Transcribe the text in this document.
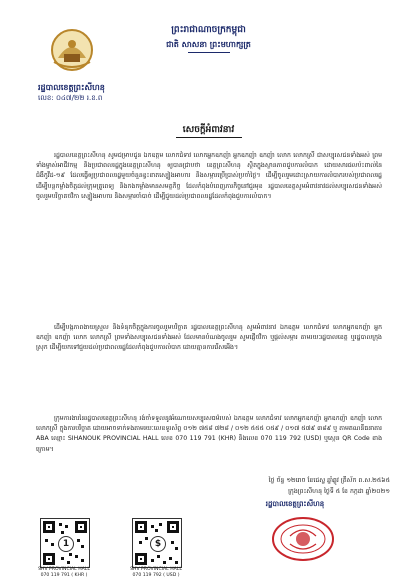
រដ្ឋបាលខេត្តព្រះសីហនុ
លេខ: ០៤៧/២២ រ.ខ.ព
ព្រះរាជាណាចក្រកម្ពុជា
ជាតិ សាសនា ព្រះមហាក្សត្រ
សេចក្តីអំពាវនាវ
រដ្ឋបាលខេត្តព្រះសីហនុ សូមជម្រាបជូន ឯកឧត្តម លោកជំទាវ លោកអ្នកឧកញ៉ា អ្នកឧកញ៉ា ឧកញ៉ា លោក លោកស្រី ជាសប្បុរសជនទាំងអស់ ព្រមទាំងម្ចាស់អាជីវកម្ម និងប្រជាពលរដ្ឋក្នុងខេត្តព្រះសីហនុ ឲ្យបានជ្រាបថា ខេត្តព្រះសីហនុ ស្ថិតក្នុងស្ថានភាពជួបការលំបាក ដោយសារផលប៉ះពាល់នៃជំងឺកូវីដ-១៩ ដែលធ្វើឲ្យប្រជាពលរដ្ឋមួយចំនួនខ្វះខាតស្បៀងអាហារ និងសម្ភារប្រើប្រាស់ប្រចាំថ្ងៃ។ ដើម្បីចូលរួមដោះស្រាយការលំបាករបស់ប្រជាពលរដ្ឋ ដើម្បីបន្តកម្លាំងចិត្តដល់ក្រុមគ្រូពេទ្យ និងកងកម្លាំងមានសមត្ថកិច្ច ដែលកំពុងបំពេញភារកិច្ចនៅជួរមុខ រដ្ឋបាលខេត្តសូមអំពាវនាវដល់សប្បុរសជនទាំងអស់ ចូលរួមបរិច្ចាគថវិកា ស្បៀងអាហារ និងសម្ភារចាំបាច់ ដើម្បីជួយដល់ប្រជាពលរដ្ឋដែលកំពុងជួបការលំបាក។
ដើម្បីបង្កភាពងាយស្រួល និងទំនុកចិត្តក្នុងការចូលរួមបរិច្ចាគ រដ្ឋបាលខេត្តព្រះសីហនុ សូមអំពាវនាវ ឯកឧត្តម លោកជំទាវ លោកអ្នកឧកញ៉ា អ្នកឧកញ៉ា ឧកញ៉ា លោក លោកស្រី ព្រមទាំងសប្បុរសជនទាំងអស់ ដែលមានបំណងចូលរួម សូមផ្ញើថវិកា ឬផ្តល់សម្ភារ តាមរយៈរដ្ឋបាលខេត្ត ឬរដ្ឋបាលក្រុង ស្រុក ដើម្បីយកទៅជួយដល់ប្រជាពលរដ្ឋដែលកំពុងជួបការលំបាក ដោយគ្មានការរើសអើង។
ក្រុមការងារនៃរដ្ឋបាលខេត្តព្រះសីហនុ រង់ចាំទទួលនូវអំណោយសប្បុរសធម៌របស់ ឯកឧត្តម លោកជំទាវ លោកអ្នកឧកញ៉ា អ្នកឧកញ៉ា ឧកញ៉ា លោក លោកស្រី ក្នុងការបរិច្ចាគ ដោយអាចទាក់ទងតាមរយៈលេខទូរស័ព្ទ ០១២ ៧៥៨ ៧២៨ / ០១២ ៥៥៥ ០៥៩ / ០១៧ ៥៧៩ ៣៨៩ ឬ តាមគណនីធនាគារ ABA ឈ្មោះ SIHANOUK PROVINCIAL HALL លេខ 070 119 791 (KHR) និងលេខ 070 119 792 (USD) ឬស្កេន QR Code ខាងក្រោម។
ថ្ងៃ ច័ន្ទ ១២រោច ខែជេស្ឋ ឆ្នាំឆ្លូវ ត្រីស័ក ព.ស.២៥៦៥
ក្រុងព្រះសីហនុ ថ្ងៃទី ៥ ខែ កក្កដា ឆ្នាំ២០២១
រដ្ឋបាលខេត្តព្រះសីហនុ
1
SHV PROVINCIAL HALL
070 119 791 ( KHR )
$
SHV PROVINCIAL HALL
070 119 792 ( USD )
